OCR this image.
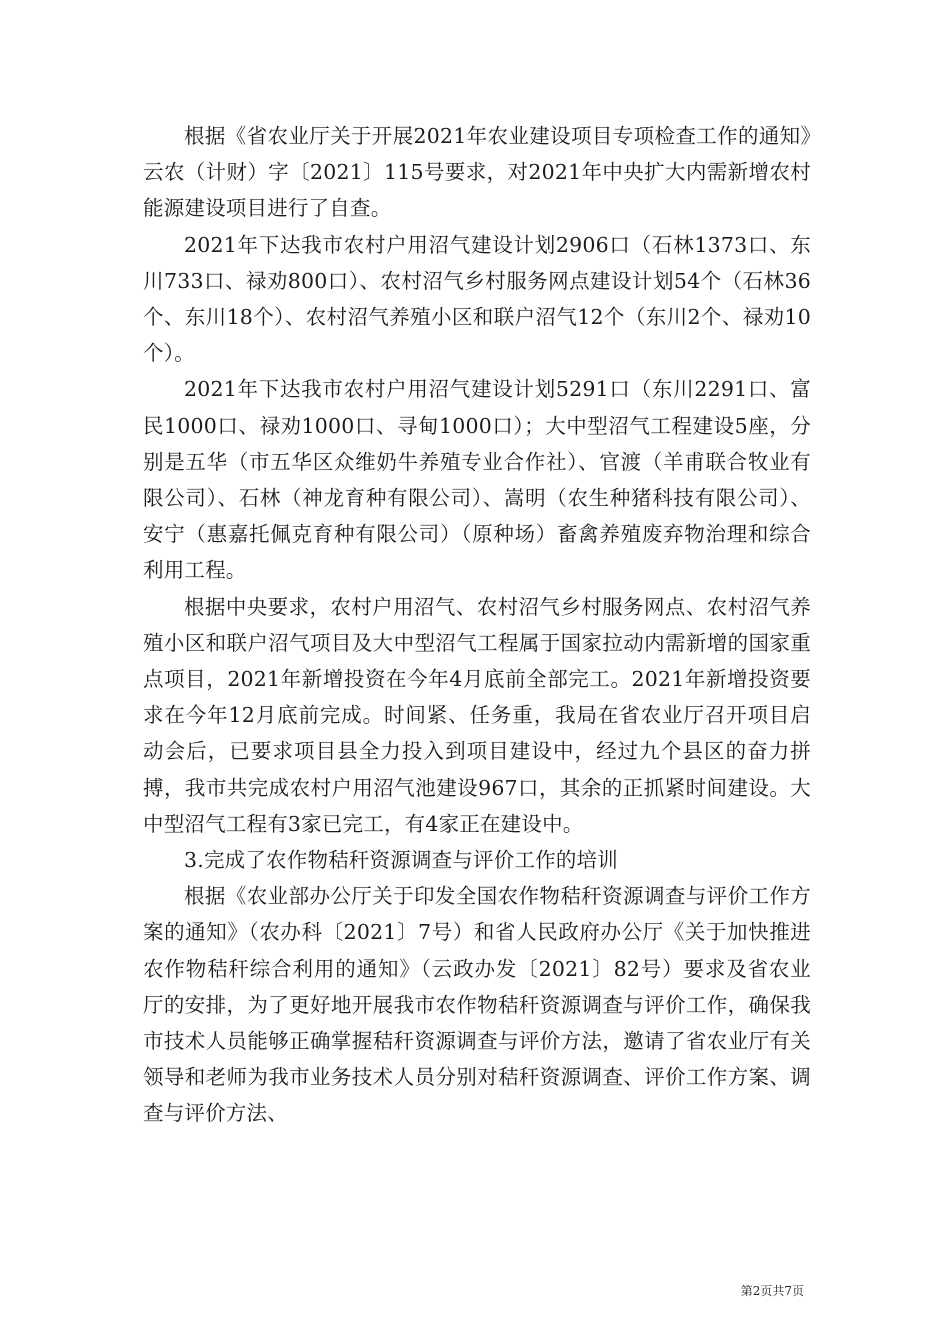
根据《省农业厅关于开展2021年农业建设项目专项检查工作的通知》云农（计财）字〔2021〕115号要求，对2021年中央扩大内需新增农村能源建设项目进行了自查。

2021年下达我市农村户用沼气建设计划2906口（石林1373口、东川733口、禄劝800口）、农村沼气乡村服务网点建设计划54个（石林36个、东川18个）、农村沼气养殖小区和联户沼气12个（东川2个、禄劝10个）。

2021年下达我市农村户用沼气建设计划5291口（东川2291口、富民1000口、禄劝1000口、寻甸1000口）；大中型沼气工程建设5座，分别是五华（市五华区众维奶牛养殖专业合作社）、官渡（羊甫联合牧业有限公司）、石林（神龙育种有限公司）、嵩明（农生种猪科技有限公司）、安宁（惠嘉托佩克育种有限公司）（原种场）畜禽养殖废弃物治理和综合利用工程。

根据中央要求，农村户用沼气、农村沼气乡村服务网点、农村沼气养殖小区和联户沼气项目及大中型沼气工程属于国家拉动内需新增的国家重点项目，2021年新增投资在今年4月底前全部完工。2021年新增投资要求在今年12月底前完成。时间紧、任务重，我局在省农业厅召开项目启动会后，已要求项目县全力投入到项目建设中，经过九个县区的奋力拼搏，我市共完成农村户用沼气池建设967口，其余的正抓紧时间建设。大中型沼气工程有3家已完工，有4家正在建设中。

3.完成了农作物秸秆资源调查与评价工作的培训

根据《农业部办公厅关于印发全国农作物秸秆资源调查与评价工作方案的通知》（农办科〔2021〕7号）和省人民政府办公厅《关于加快推进农作物秸秆综合利用的通知》（云政办发〔2021〕82号）要求及省农业厅的安排，为了更好地开展我市农作物秸秆资源调查与评价工作，确保我市技术人员能够正确掌握秸秆资源调查与评价方法，邀请了省农业厅有关领导和老师为我市业务技术人员分别对秸秆资源调查、评价工作方案、调查与评价方法、

第2页共7页
